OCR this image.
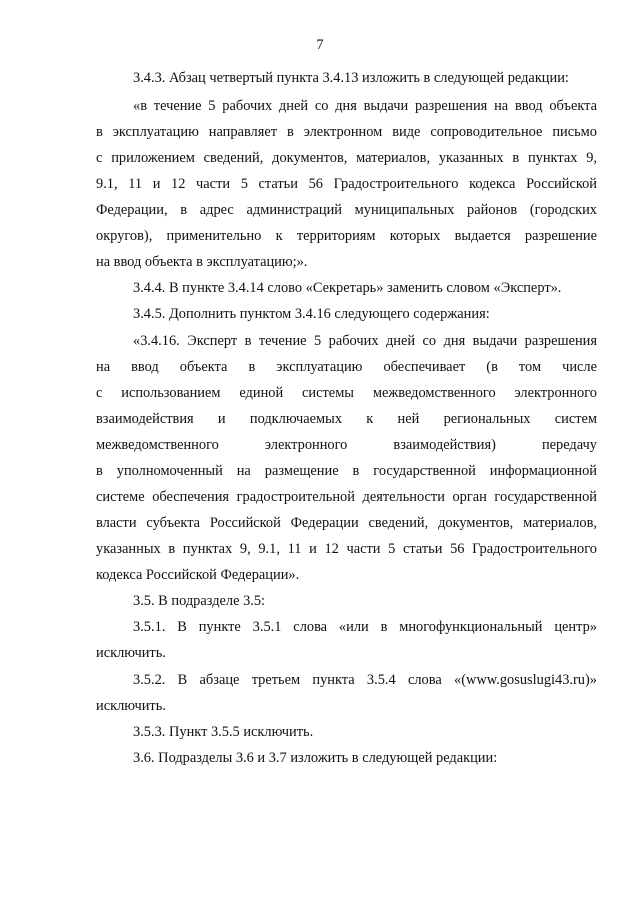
7
3.4.3. Абзац четвертый пункта 3.4.13 изложить в следующей редакции:
«в течение 5 рабочих дней со дня выдачи разрешения на ввод объекта
в эксплуатацию направляет в электронном виде сопроводительное письмо
с приложением сведений, документов, материалов, указанных в пунктах 9,
9.1, 11 и 12 части 5 статьи 56 Градостроительного кодекса Российской
Федерации, в адрес администраций муниципальных районов (городских
округов), применительно к территориям которых выдается разрешение
на ввод объекта в эксплуатацию;».
3.4.4. В пункте 3.4.14 слово «Секретарь» заменить словом «Эксперт».
3.4.5. Дополнить пунктом 3.4.16 следующего содержания:
«3.4.16. Эксперт в течение 5 рабочих дней со дня выдачи разрешения
на ввод объекта в эксплуатацию обеспечивает (в том числе
с использованием единой системы межведомственного электронного
взаимодействия и подключаемых к ней региональных систем
межведомственного электронного взаимодействия) передачу
в уполномоченный на размещение в государственной информационной
системе обеспечения градостроительной деятельности орган государственной
власти субъекта Российской Федерации сведений, документов, материалов,
указанных в пунктах 9, 9.1, 11 и 12 части 5 статьи 56 Градостроительного
кодекса Российской Федерации».
3.5. В подразделе 3.5:
3.5.1. В пункте 3.5.1 слова «или в многофункциональный центр»
исключить.
3.5.2. В абзаце третьем пункта 3.5.4 слова «(www.gosuslugi43.ru)»
исключить.
3.5.3. Пункт 3.5.5 исключить.
3.6. Подразделы 3.6 и 3.7 изложить в следующей редакции:
